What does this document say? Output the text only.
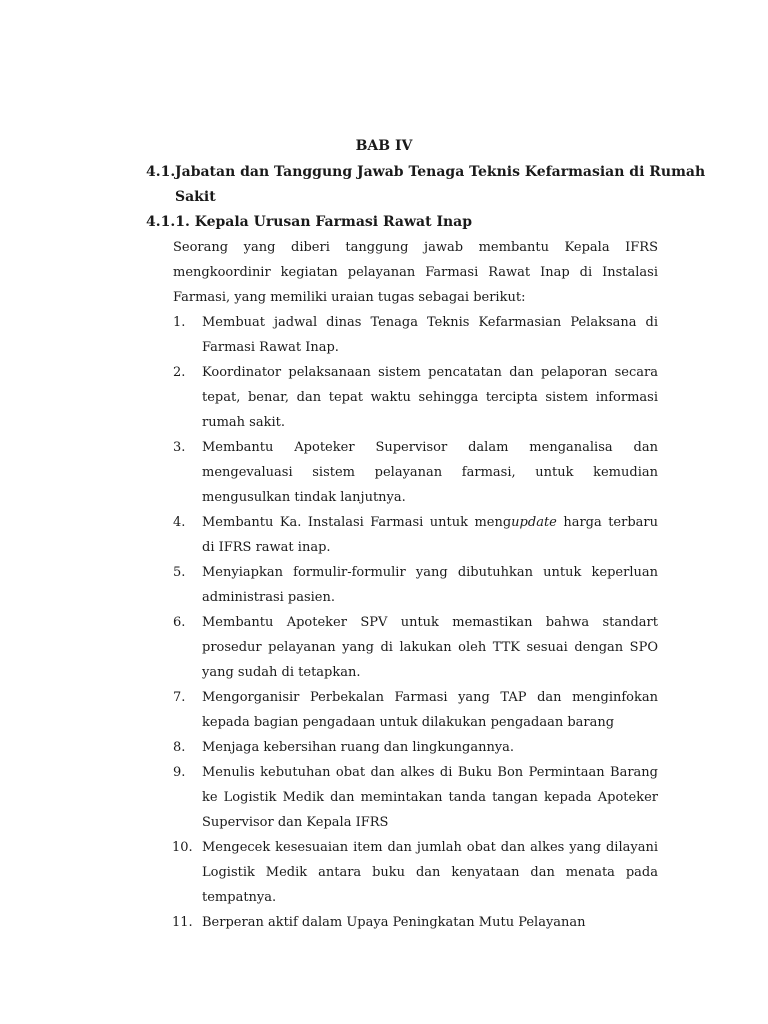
BAB IV
4.1. Jabatan dan Tanggung Jawab Tenaga Teknis Kefarmasian di Rumah
Sakit
4.1.1. Kepala Urusan Farmasi Rawat Inap
Seorang yang diberi tanggung jawab membantu Kepala IFRS mengkoordinir kegiatan pelayanan Farmasi Rawat Inap di Instalasi Farmasi, yang memiliki uraian tugas sebagai berikut:
1. Membuat jadwal dinas Tenaga Teknis Kefarmasian Pelaksana di Farmasi Rawat Inap.
2. Koordinator pelaksanaan sistem pencatatan dan pelaporan secara tepat, benar, dan tepat waktu sehingga tercipta sistem informasi rumah sakit.
3. Membantu Apoteker Supervisor dalam menganalisa dan mengevaluasi sistem pelayanan farmasi, untuk kemudian mengusulkan tindak lanjutnya.
4. Membantu Ka. Instalasi Farmasi untuk mengupdate harga terbaru di IFRS rawat inap.
5. Menyiapkan formulir-formulir yang dibutuhkan untuk keperluan administrasi pasien.
6. Membantu Apoteker SPV untuk memastikan bahwa standart prosedur pelayanan yang di lakukan oleh TTK sesuai dengan SPO yang sudah di tetapkan.
7. Mengorganisir Perbekalan Farmasi yang TAP dan menginfokan kepada bagian pengadaan untuk dilakukan pengadaan barang
8. Menjaga kebersihan ruang dan lingkungannya.
9. Menulis kebutuhan obat dan alkes di Buku Bon Permintaan Barang ke Logistik Medik dan memintakan tanda tangan kepada Apoteker Supervisor dan Kepala IFRS
10. Mengecek kesesuaian item dan jumlah obat dan alkes yang dilayani Logistik Medik antara buku dan kenyataan dan menata pada tempatnya.
11. Berperan aktif dalam Upaya Peningkatan Mutu Pelayanan
